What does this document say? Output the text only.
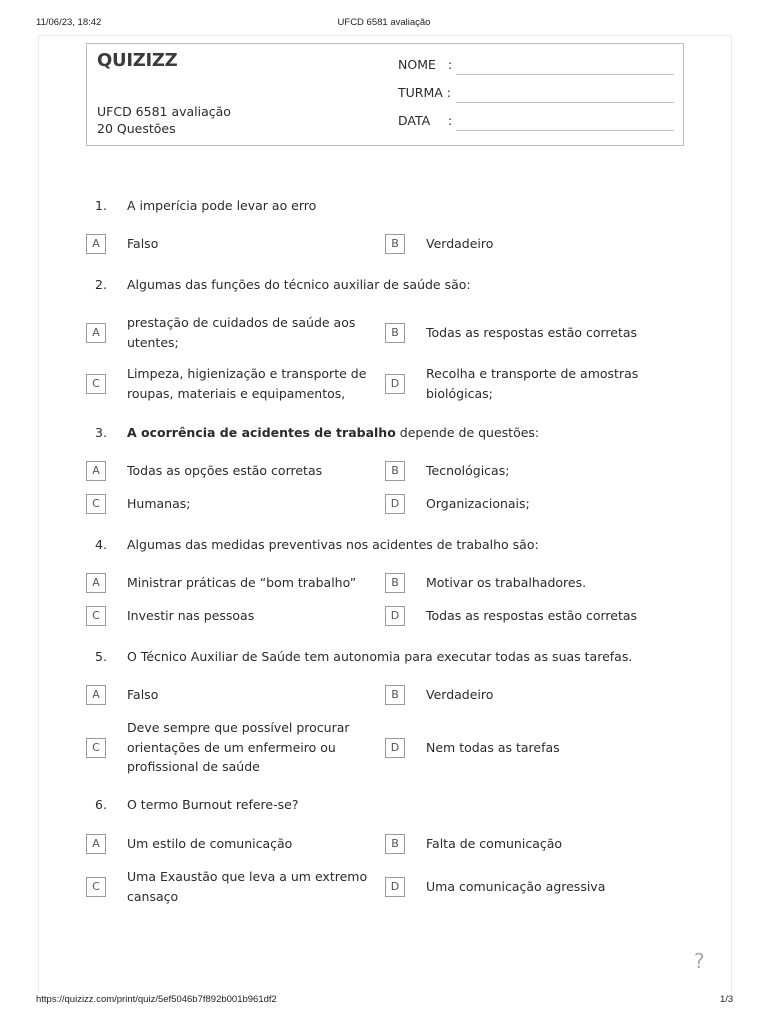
11/06/23, 18:42	UFCD 6581 avaliação
QUIZIZZ
UFCD 6581 avaliação
20 Questões
NOME :
TURMA :
DATA :
1. A imperícia pode levar ao erro
A	Falso	B	Verdadeiro
2. Algumas das funções do técnico auxiliar de saúde são:
A
prestação de cuidados de saúde aos utentes;
B	Todas as respostas estão corretas
C
Limpeza, higienização e transporte de roupas, materiais e equipamentos,
D
Recolha e transporte de amostras biológicas;
3. A ocorrência de acidentes de trabalho depende de questões:
A	Todas as opções estão corretas	B	Tecnológicas;
C	Humanas;	D	Organizacionais;
4. Algumas das medidas preventivas nos acidentes de trabalho são:
A	Ministrar práticas de “bom trabalho”	B	Motivar os trabalhadores.
C	Investir nas pessoas	D	Todas as respostas estão corretas
5. O Técnico Auxiliar de Saúde tem autonomia para executar todas as suas tarefas.
A	Falso	B	Verdadeiro
C
Deve sempre que possível procurar orientações de um enfermeiro ou profissional de saúde
D	Nem todas as tarefas
6. O termo Burnout refere-se?
A	Um estilo de comunicação	B	Falta de comunicação
C
Uma Exaustão que leva a um extremo cansaço
D	Uma comunicação agressiva
?
https://quizizz.com/print/quiz/5ef5046b7f892b001b961df2	1/3
